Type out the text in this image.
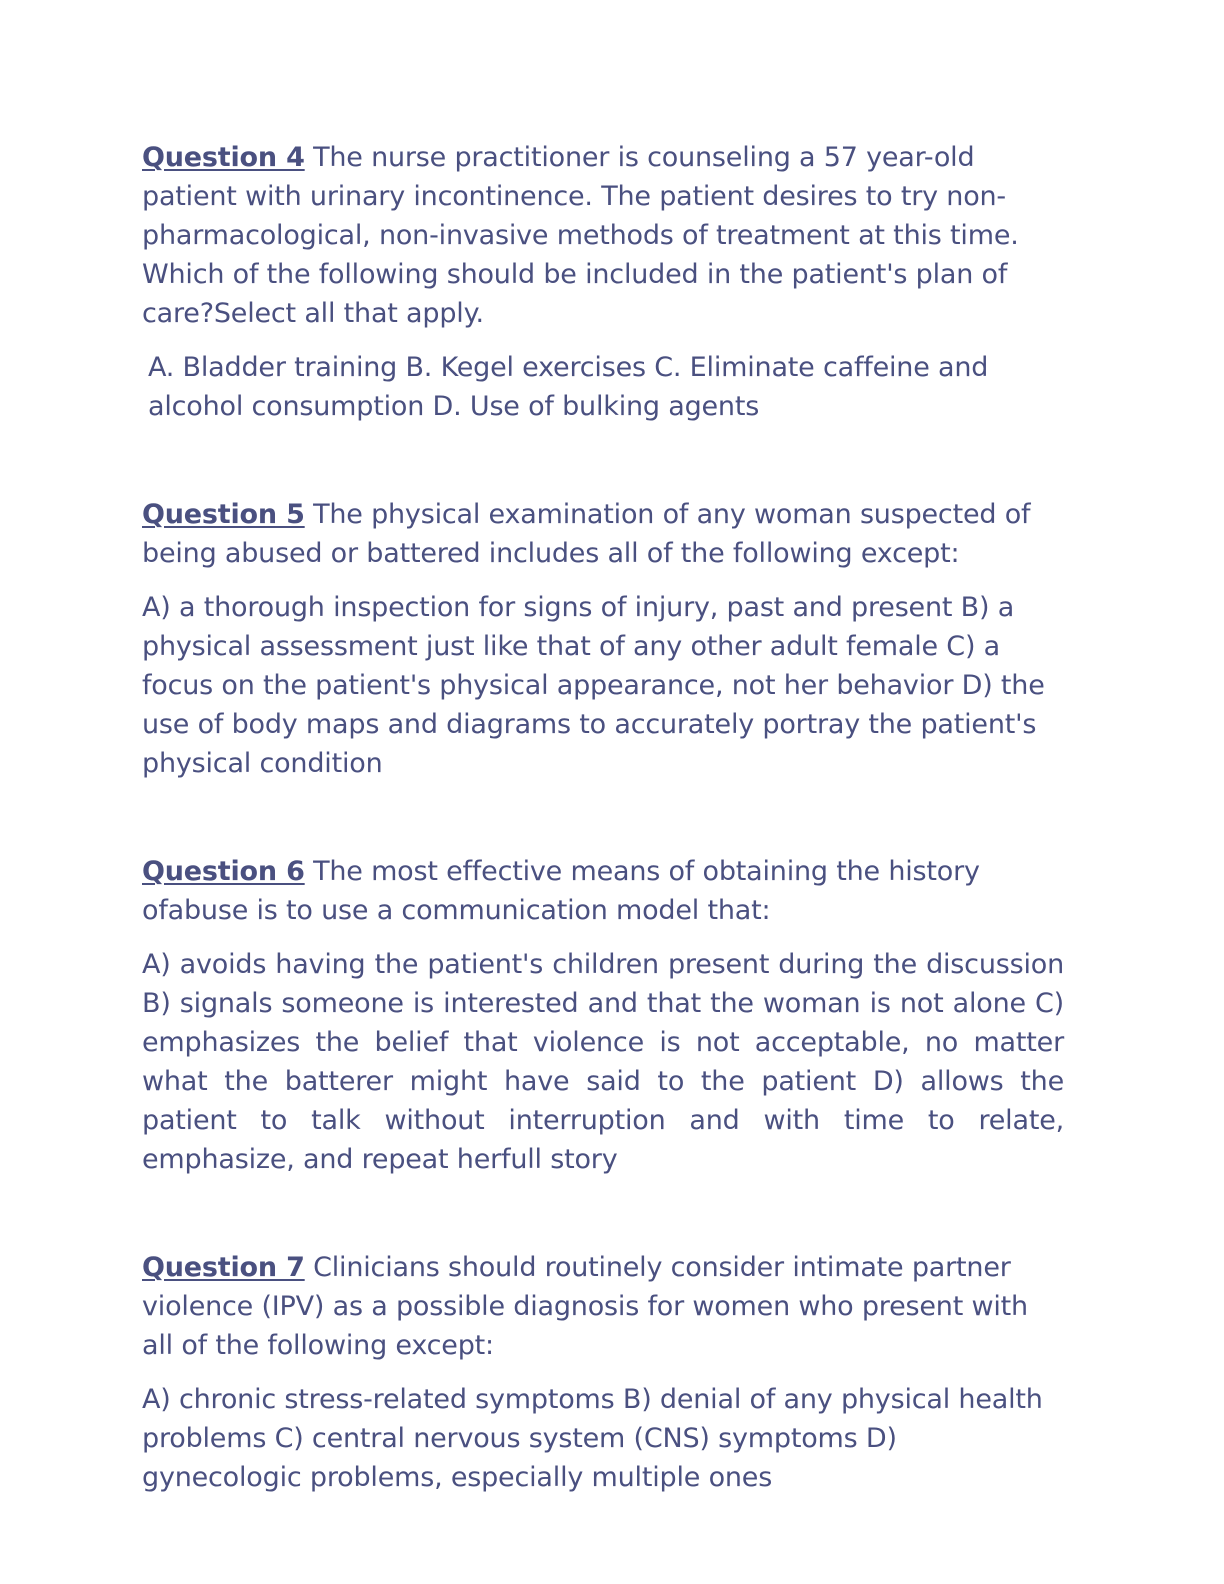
Question 4 The nurse practitioner is counseling a 57 year-old patient with urinary incontinence. The patient desires to try non-pharmacological, non-invasive methods of treatment at this time. Which of the following should be included in the patient's plan of care?Select all that apply.

A. Bladder training B. Kegel exercises C. Eliminate caffeine and alcohol consumption D. Use of bulking agents

Question 5 The physical examination of any woman suspected of being abused or battered includes all of the following except:

A) a thorough inspection for signs of injury, past and present B) a physical assessment just like that of any other adult female C) a focus on the patient's physical appearance, not her behavior D) the use of body maps and diagrams to accurately portray the patient's physical condition

Question 6 The most effective means of obtaining the history ofabuse is to use a communication model that:

A) avoids having the patient's children present during the discussion B) signals someone is interested and that the woman is not alone C) emphasizes the belief that violence is not acceptable, no matter what the batterer might have said to the patient D) allows the patient to talk without interruption and with time to relate, emphasize, and repeat herfull story

Question 7 Clinicians should routinely consider intimate partner violence (IPV) as a possible diagnosis for women who present with all of the following except:

A) chronic stress-related symptoms B) denial of any physical health problems C) central nervous system (CNS) symptoms D) gynecologic problems, especially multiple ones
